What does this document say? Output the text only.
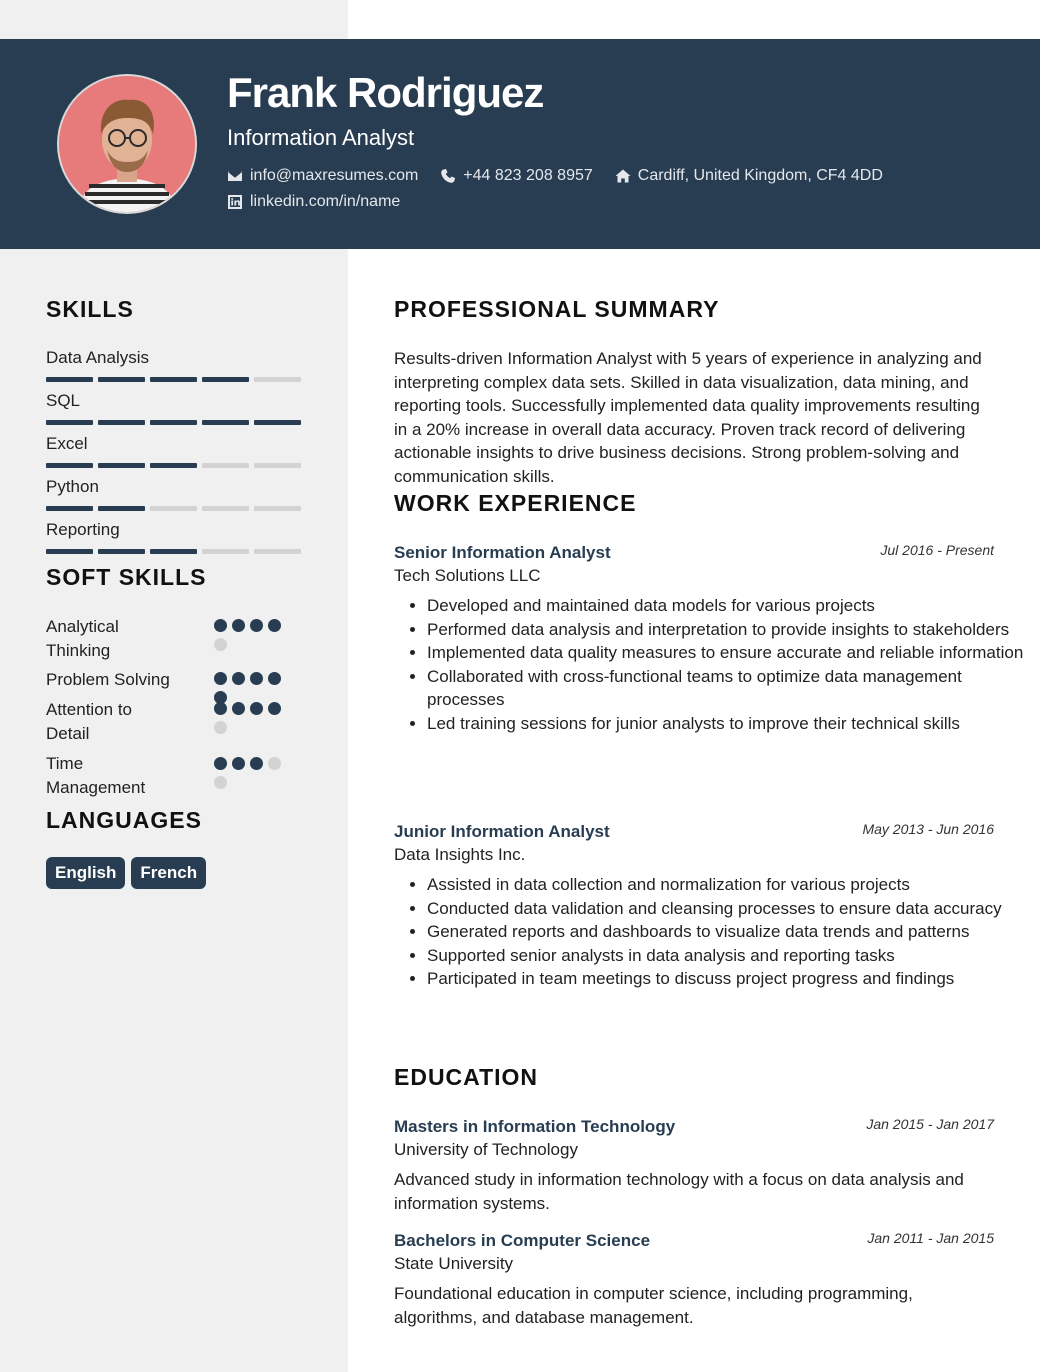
Frank Rodriguez
Information Analyst
info@maxresumes.com	+44 823 208 8957	Cardiff, United Kingdom, CF4 4DD
linkedin.com/in/name
SKILLS
Data Analysis
SQL
Excel
Python
Reporting
SOFT SKILLS
Analytical Thinking
Problem Solving
Attention to Detail
Time Management
LANGUAGES
English	French
PROFESSIONAL SUMMARY

Results-driven Information Analyst with 5 years of experience in analyzing and interpreting complex data sets. Skilled in data visualization, data mining, and reporting tools. Successfully implemented data quality improvements resulting in a 20% increase in overall data accuracy. Proven track record of delivering actionable insights to drive business decisions. Strong problem-solving and communication skills.

WORK EXPERIENCE
Senior Information Analyst	Jul 2016 - Present
Tech Solutions LLC
• Developed and maintained data models for various projects
• Performed data analysis and interpretation to provide insights to stakeholders
• Implemented data quality measures to ensure accurate and reliable information
• Collaborated with cross-functional teams to optimize data management processes
• Led training sessions for junior analysts to improve their technical skills
Junior Information Analyst	May 2013 - Jun 2016
Data Insights Inc.
• Assisted in data collection and normalization for various projects
• Conducted data validation and cleansing processes to ensure data accuracy
• Generated reports and dashboards to visualize data trends and patterns
• Supported senior analysts in data analysis and reporting tasks
• Participated in team meetings to discuss project progress and findings
EDUCATION
Masters in Information Technology	Jan 2015 - Jan 2017
University of Technology

Advanced study in information technology with a focus on data analysis and information systems.

Bachelors in Computer Science	Jan 2011 - Jan 2015
State University

Foundational education in computer science, including programming, algorithms, and database management.
